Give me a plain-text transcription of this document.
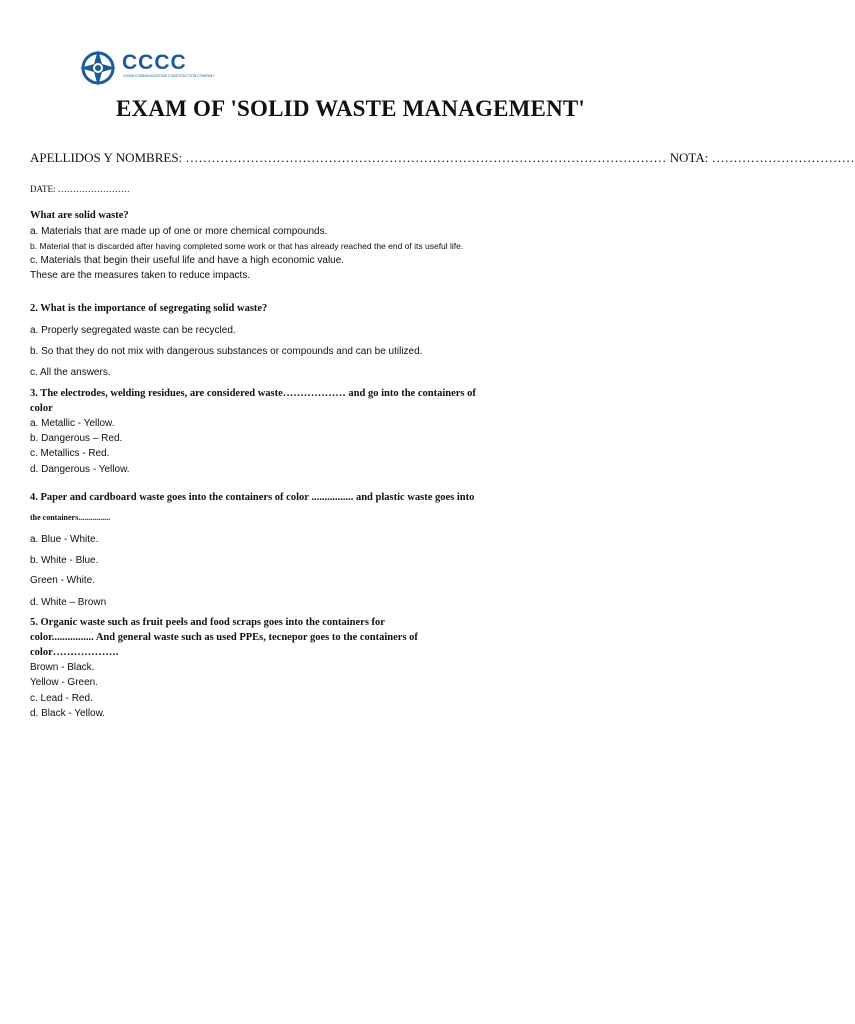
CCCC
CHINA COMMUNICATIONS CONSTRUCTION COMPANY
EXAM OF 'SOLID WASTE MANAGEMENT'
APELLIDOS Y NOMBRES: ………………………………………………………………………………………………… NOTA: ……………………………
DATE: ……………………
What are solid waste?
a. Materials that are made up of one or more chemical compounds.
b. Material that is discarded after having completed some work or that has already reached the end of its useful life.
c. Materials that begin their useful life and have a high economic value.
These are the measures taken to reduce impacts.
2. What is the importance of segregating solid waste?
a. Properly segregated waste can be recycled.
b. So that they do not mix with dangerous substances or compounds and can be utilized.
c. All the answers.
3. The electrodes, welding residues, are considered waste……………… and go into the containers of
color
a. Metallic - Yellow.
b. Dangerous – Red.
c. Metallics - Red.
d. Dangerous - Yellow.
4. Paper and cardboard waste goes into the containers of color ................ and plastic waste goes into
the containers................
a. Blue - White.
b. White - Blue.
Green - White.
d. White – Brown
5. Organic waste such as fruit peels and food scraps goes into the containers for
color................ And general waste such as used PPEs, tecnepor goes to the containers of
color……………….
Brown - Black.
Yellow - Green.
c. Lead - Red.
d. Black - Yellow.
